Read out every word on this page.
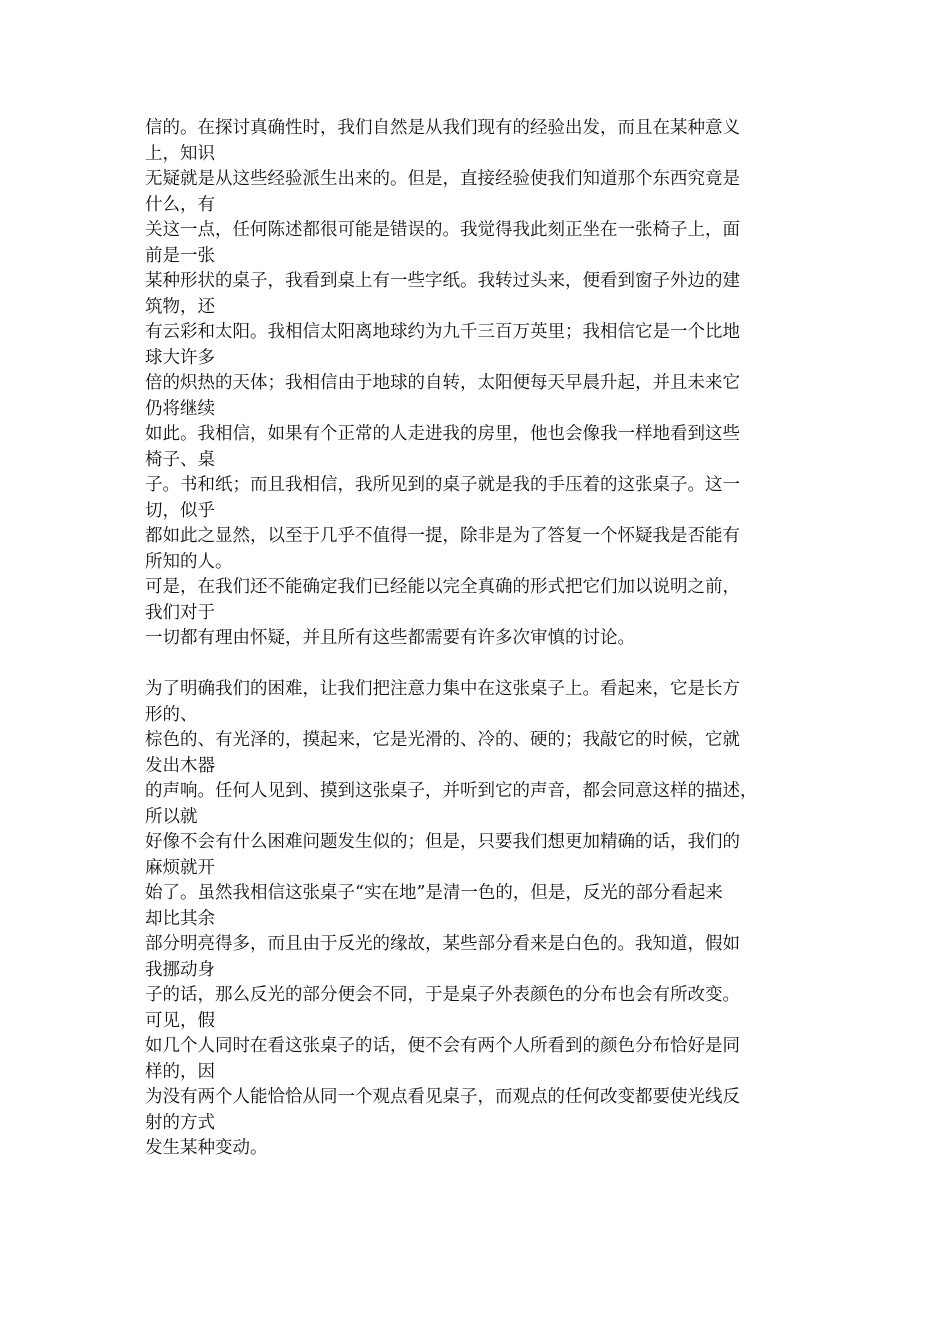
信的。在探讨真确性时，我们自然是从我们现有的经验出发，而且在某种意义
上，知识
无疑就是从这些经验派生出来的。但是，直接经验使我们知道那个东西究竟是
什么，有
关这一点，任何陈述都很可能是错误的。我觉得我此刻正坐在一张椅子上，面
前是一张
某种形状的桌子，我看到桌上有一些字纸。我转过头来，便看到窗子外边的建
筑物，还
有云彩和太阳。我相信太阳离地球约为九千三百万英里；我相信它是一个比地
球大许多
倍的炽热的天体；我相信由于地球的自转，太阳便每天早晨升起，并且未来它
仍将继续
如此。我相信，如果有个正常的人走进我的房里，他也会像我一样地看到这些
椅子、桌
子。书和纸；而且我相信，我所见到的桌子就是我的手压着的这张桌子。这一
切，似乎
都如此之显然，以至于几乎不值得一提，除非是为了答复一个怀疑我是否能有
所知的人。
可是，在我们还不能确定我们已经能以完全真确的形式把它们加以说明之前，
我们对于
一切都有理由怀疑，并且所有这些都需要有许多次审慎的讨论。
为了明确我们的困难，让我们把注意力集中在这张桌子上。看起来，它是长方
形的、
棕色的、有光泽的，摸起来，它是光滑的、冷的、硬的；我敲它的时候，它就
发出木器
的声响。任何人见到、摸到这张桌子，并听到它的声音，都会同意这样的描述，
所以就
好像不会有什么困难问题发生似的；但是，只要我们想更加精确的话，我们的
麻烦就开
始了。虽然我相信这张桌子“实在地”是清一色的，但是，反光的部分看起来
却比其余
部分明亮得多，而且由于反光的缘故，某些部分看来是白色的。我知道，假如
我挪动身
子的话，那么反光的部分便会不同，于是桌子外表颜色的分布也会有所改变。
可见，假
如几个人同时在看这张桌子的话，便不会有两个人所看到的颜色分布恰好是同
样的，因
为没有两个人能恰恰从同一个观点看见桌子，而观点的任何改变都要使光线反
射的方式
发生某种变动。
